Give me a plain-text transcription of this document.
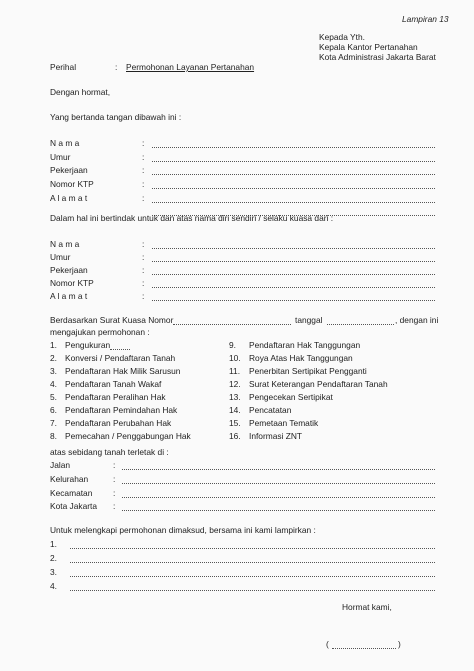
Lampiran 13
Kepada Yth.
Kepala Kantor Pertanahan
Kota Administrasi Jakarta Barat
Perihal	: Permohonan Layanan Pertanahan
Dengan hormat,
Yang bertanda tangan dibawah ini :
N a m a	:
Umur	:
Pekerjaan	:
Nomor KTP	:
A l a m a t	:
Dalam hal ini bertindak untuk dan atas nama diri sendiri / selaku kuasa dari :
N a m a	:
Umur	:
Pekerjaan	:
Nomor KTP	:
A l a m a t	:
Berdasarkan Surat Kuasa Nomor	tanggal	, dengan ini
mengajukan permohonan :
1. Pengukuran
2. Konversi / Pendaftaran Tanah
3. Pendaftaran Hak Milik Sarusun
4. Pendaftaran Tanah Wakaf
5. Pendaftaran Peralihan Hak
6. Pendaftaran Pemindahan Hak
7. Pendaftaran Perubahan Hak
8. Pemecahan / Penggabungan Hak
9. Pendaftaran Hak Tanggungan
10. Roya Atas Hak Tanggungan
11. Penerbitan Sertipikat Pengganti
12. Surat Keterangan Pendaftaran Tanah
13. Pengecekan Sertipikat
14. Pencatatan
15. Pemetaan Tematik
16. Informasi ZNT
atas sebidang tanah terletak di :
Jalan	:
Kelurahan	:
Kecamatan :
Kota Jakarta :
Untuk melengkapi permohonan dimaksud, bersama ini kami lampirkan :
1.
2.
3.
4.
Hormat kami,
(	)
